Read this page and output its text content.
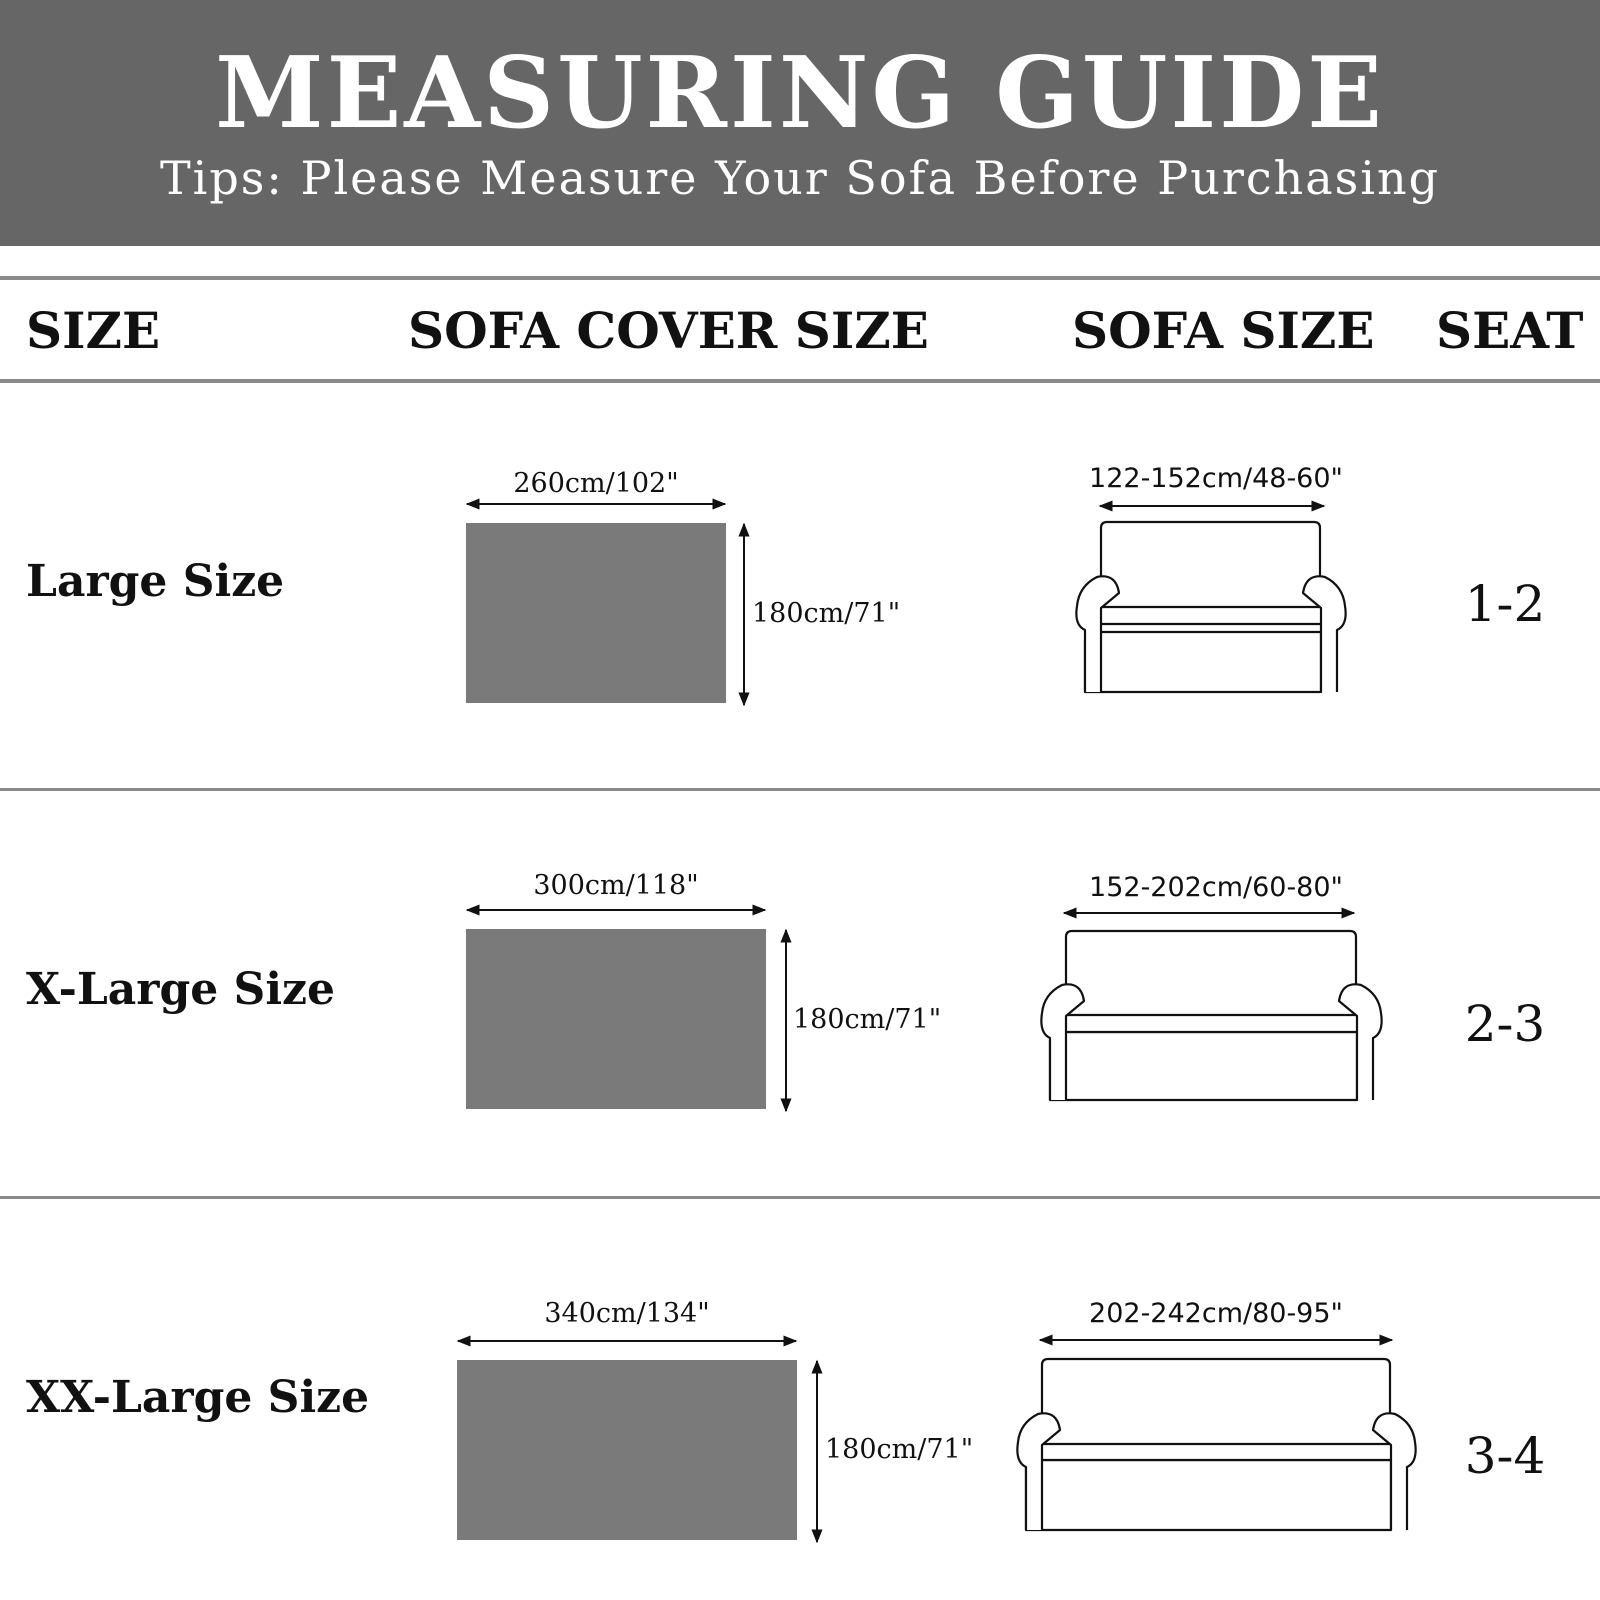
MEASURING GUIDE
Tips: Please Measure Your Sofa Before Purchasing
SIZE	SOFA COVER SIZE	SOFA SIZE SEAT
Large Size
X-Large Size
XX-Large Size
1-2
2-3
3-4
260cm/102"
180cm/71"
122-152cm/48-60"
300cm/118"
180cm/71"
152-202cm/60-80"
340cm/134"
180cm/71"
202-242cm/80-95"
